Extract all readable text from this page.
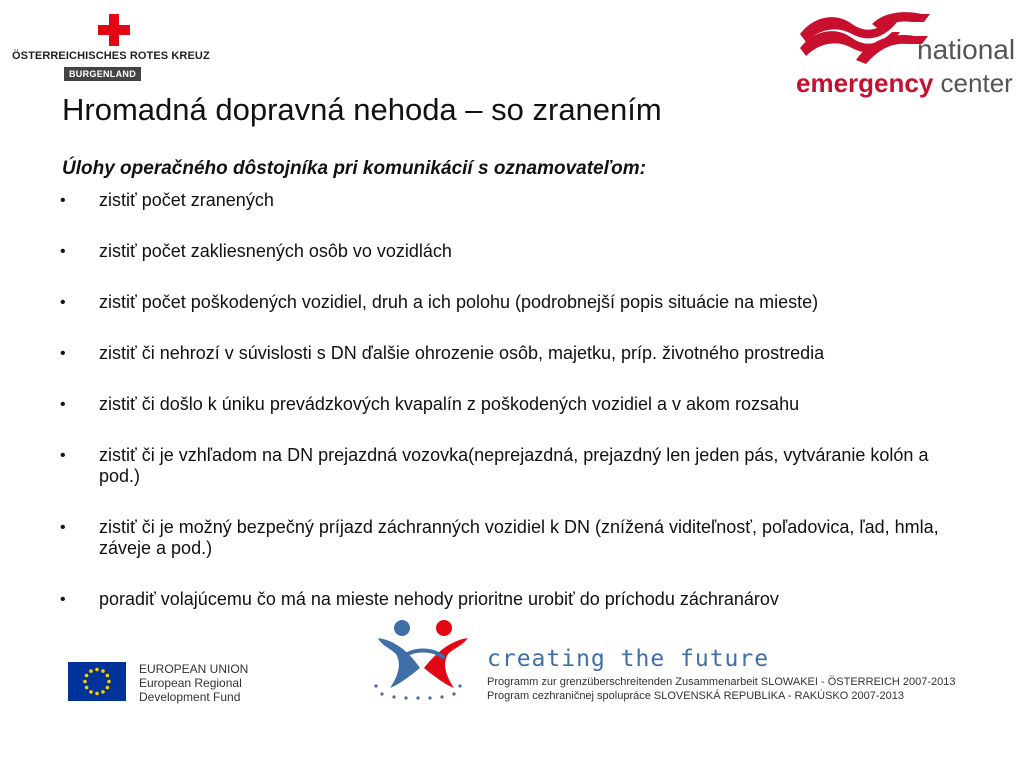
ÖSTERREICHISCHES ROTES KREUZ
BURGENLAND
national
emergency center
Hromadná dopravná nehoda – so zranením
Úlohy operačného dôstojníka pri komunikácií s oznamovateľom:
• zistiť počet zranených
• zistiť počet zakliesnených osôb vo vozidlách
• zistiť počet poškodených vozidiel, druh a ich polohu (podrobnejší popis situácie na mieste)
• zistiť či nehrozí v súvislosti s DN ďalšie ohrozenie osôb, majetku, príp. životného prostredia
• zistiť či došlo k úniku prevádzkových kvapalín z poškodených vozidiel a v akom rozsahu
• zistiť či je vzhľadom na DN prejazdná vozovka(neprejazdná, prejazdný len jeden pás, vytváranie kolón a pod.)
• zistiť či je možný bezpečný príjazd záchranných vozidiel k DN (znížená viditeľnosť, poľadovica, ľad, hmla, záveje a pod.)
• poradiť volajúcemu čo má na mieste nehody prioritne urobiť do príchodu záchranárov
EUROPEAN UNION
European Regional
Development Fund
creating the future
Programm zur grenzüberschreitenden Zusammenarbeit SLOWAKEI - ÖSTERREICH 2007-2013
Program cezhraničnej spolupráce SLOVENSKÁ REPUBLIKA - RAKÚSKO 2007-2013
